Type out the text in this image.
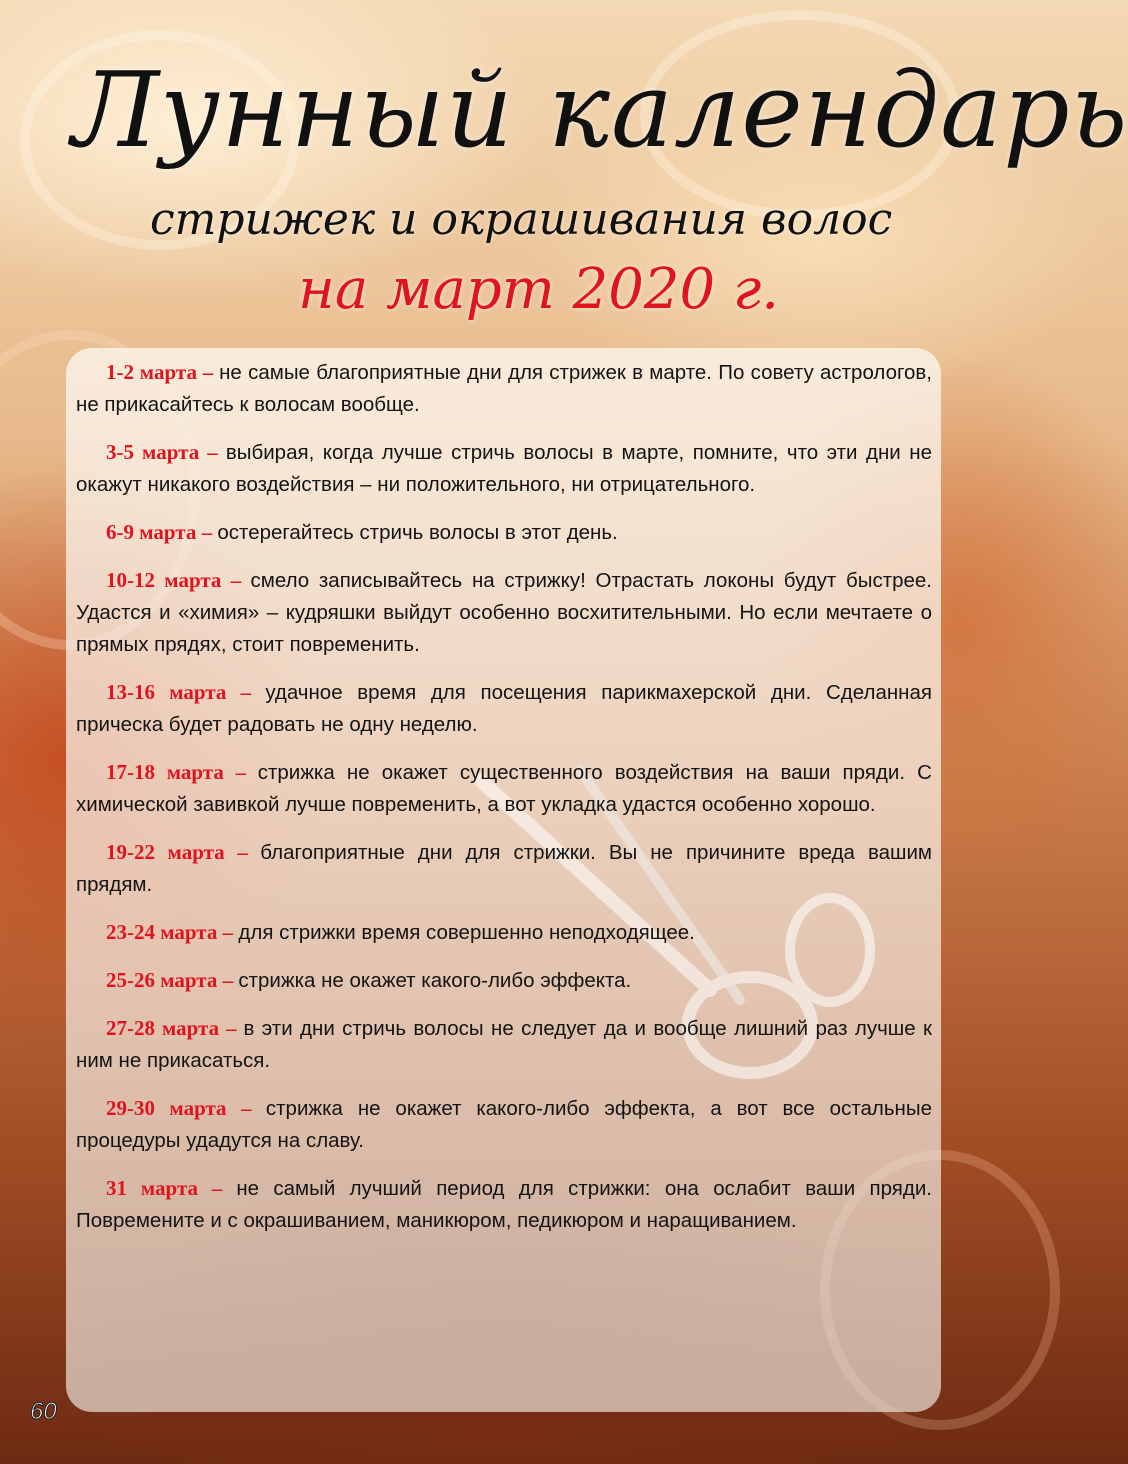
Лунный календарь
стрижек и окрашивания волос
на март 2020 г.

1-2 марта – не самые благоприятные дни для стрижек в марте. По совету астрологов, не прикасайтесь к волосам вообще.

3-5 марта – выбирая, когда лучше стричь волосы в марте, помните, что эти дни не окажут никакого воздействия – ни положительного, ни отрицательного.

6-9 марта – остерегайтесь стричь волосы в этот день.

10-12 марта – смело записывайтесь на стрижку! Отрастать локоны будут быстрее. Удастся и «химия» – кудряшки выйдут особенно восхитительными. Но если мечтаете о прямых прядях, стоит повременить.

13-16 марта – удачное время для посещения парикмахерской дни. Сделанная прическа будет радовать не одну неделю.

17-18 марта – стрижка не окажет существенного воздействия на ваши пряди. С химической завивкой лучше повременить, а вот укладка удастся особенно хорошо.

19-22 марта – благоприятные дни для стрижки. Вы не причините вреда вашим прядям.

23-24 марта – для стрижки время совершенно неподходящее.

25-26 марта – стрижка не окажет какого-либо эффекта.

27-28 марта – в эти дни стричь волосы не следует да и вообще лишний раз лучше к ним не прикасаться.

29-30 марта – стрижка не окажет какого-либо эффекта, а вот все остальные процедуры удадутся на славу.

31 марта – не самый лучший период для стрижки: она ослабит ваши пряди. Повремените и с окрашиванием, маникюром, педикюром и наращиванием.

60
